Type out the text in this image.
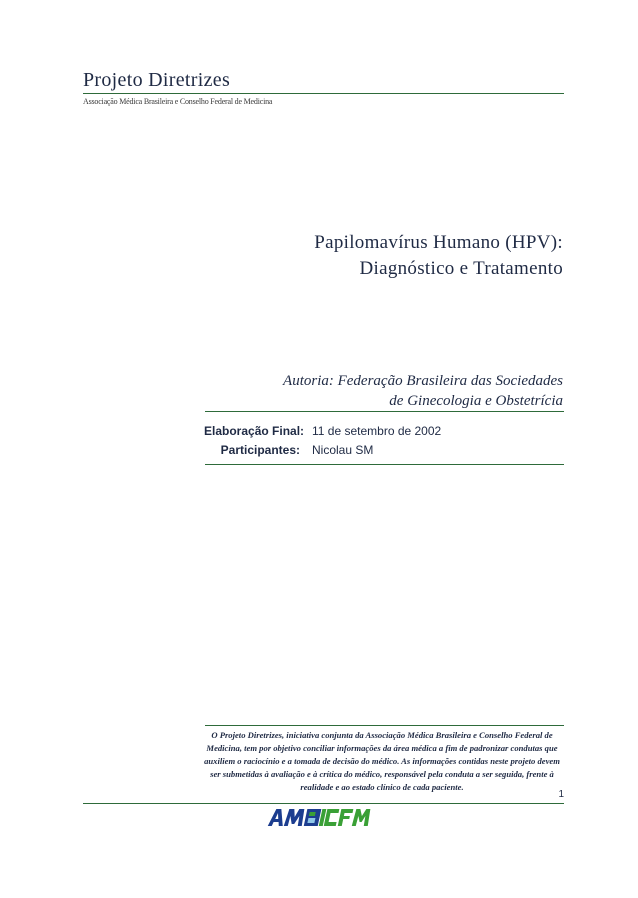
Projeto Diretrizes
Associação Médica Brasileira e Conselho Federal de Medicina
Papilomavírus Humano (HPV):
Diagnóstico e Tratamento
Autoria: Federação Brasileira das Sociedades
de Ginecologia e Obstetrícia
Elaboração Final: 11 de setembro de 2002
Participantes: Nicolau SM
O Projeto Diretrizes, iniciativa conjunta da Associação Médica Brasileira e Conselho Federal de Medicina, tem por objetivo conciliar informações da área médica a fim de padronizar condutas que auxiliem o raciocínio e a tomada de decisão do médico. As informações contidas neste projeto devem ser submetidas à avaliação e à crítica do médico, responsável pela conduta a ser seguida, frente à realidade e ao estado clínico de cada paciente.
1
